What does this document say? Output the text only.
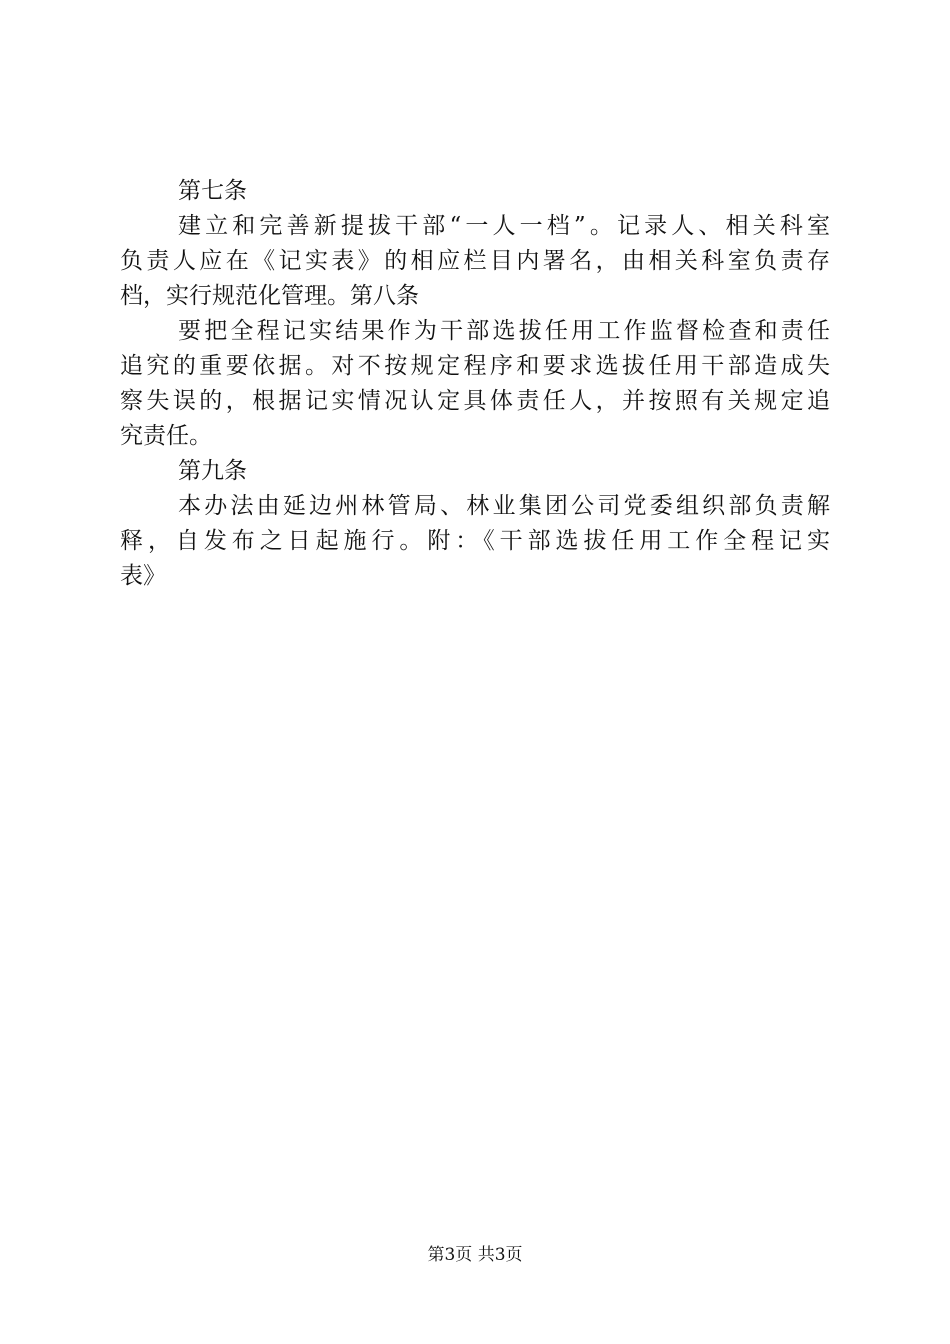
第七条
建立和完善新提拔干部“一人一档”。记录人、相关科室
负责人应在《记实表》的相应栏目内署名，由相关科室负责存
档，实行规范化管理。第八条
要把全程记实结果作为干部选拔任用工作监督检查和责任
追究的重要依据。对不按规定程序和要求选拔任用干部造成失
察失误的，根据记实情况认定具体责任人，并按照有关规定追
究责任。
第九条
本办法由延边州林管局、林业集团公司党委组织部负责解
释，自发布之日起施行。附：《干部选拔任用工作全程记实
表》
第3页 共3页
